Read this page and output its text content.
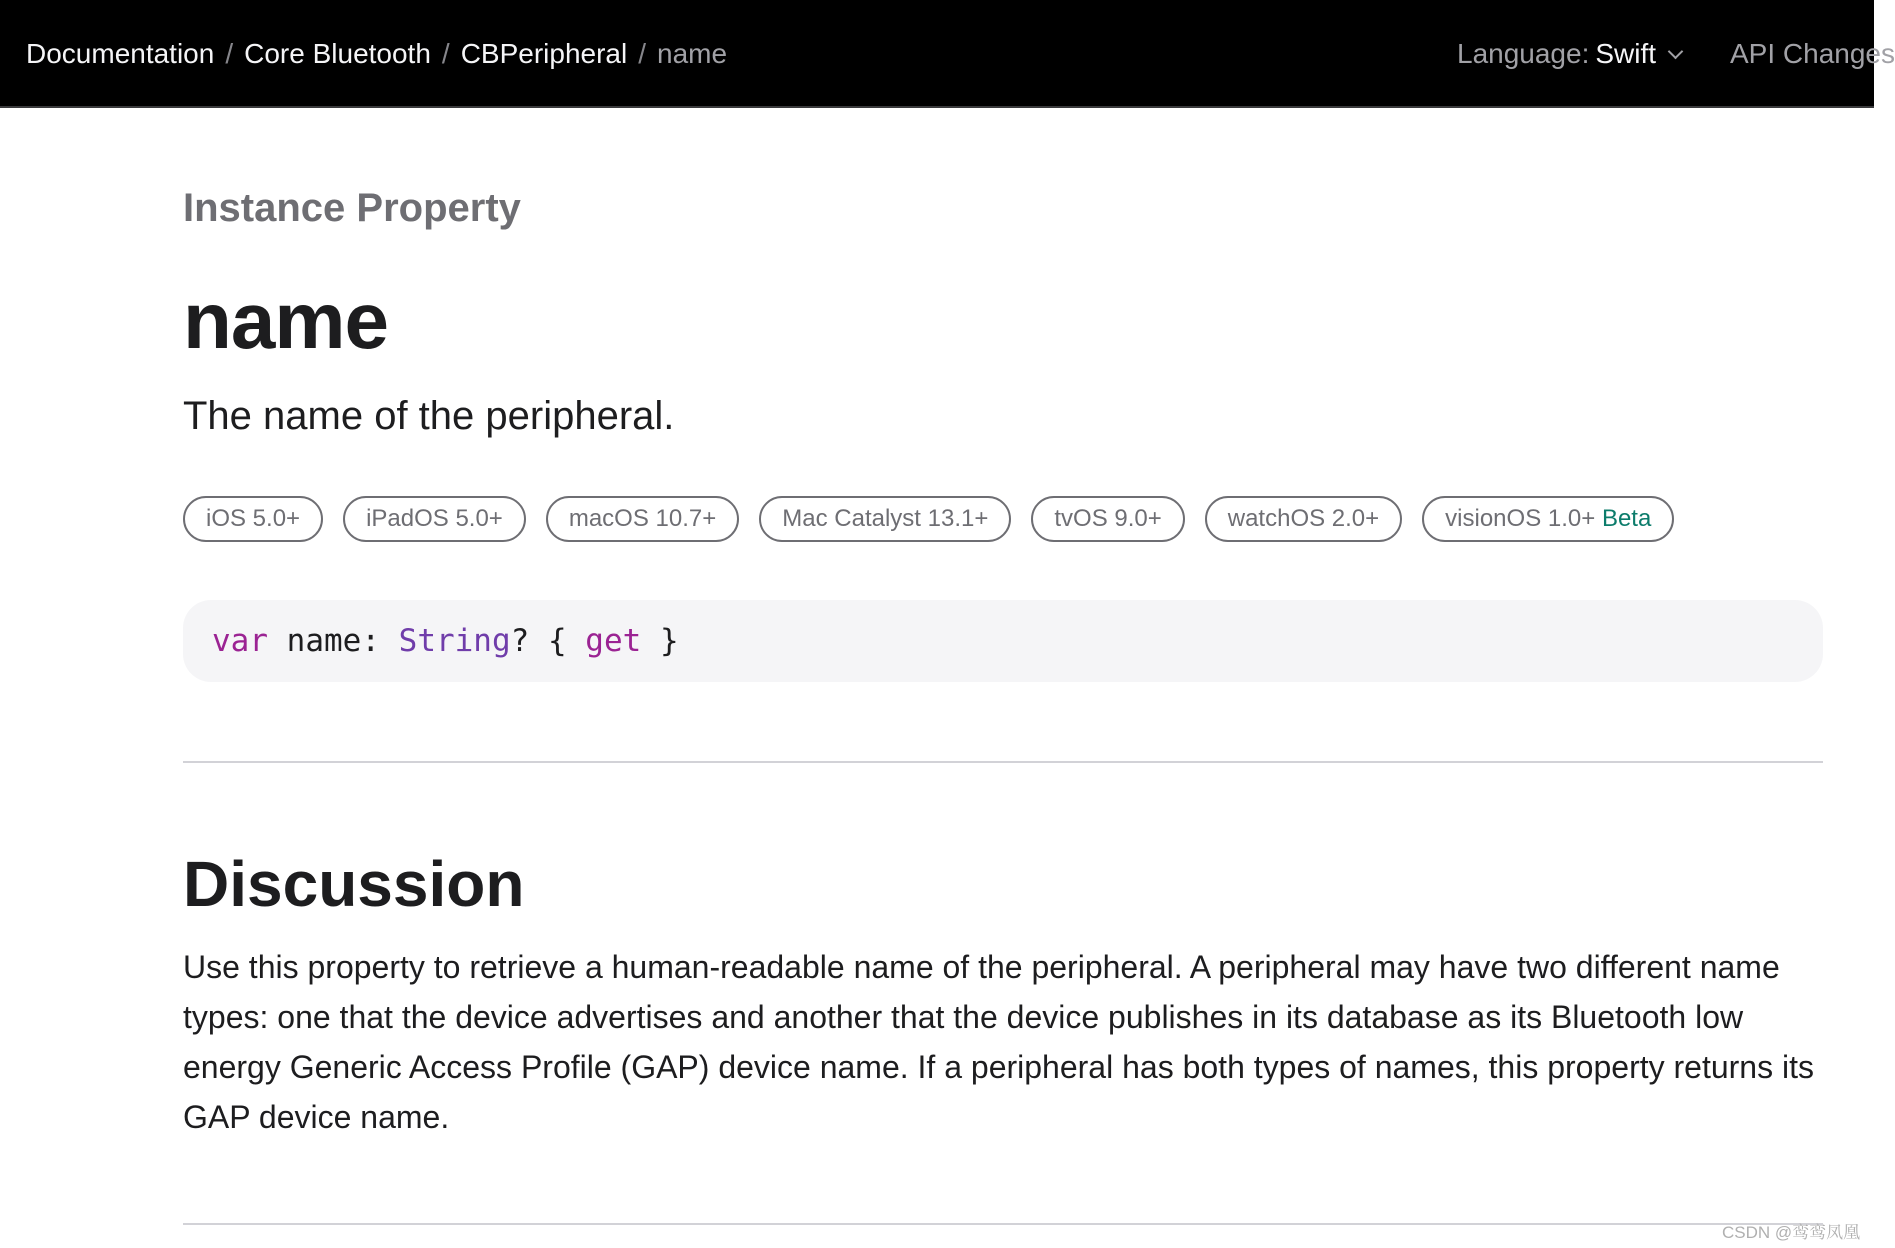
Documentation / Core Bluetooth / CBPeripheral / name	Language: Swift	API Changes
Instance Property
name
The name of the peripheral.
iOS 5.0+	iPadOS 5.0+	macOS 10.7+	Mac Catalyst 13.1+	tvOS 9.0+	watchOS 2.0+	visionOS 1.0+ Beta
var name: String? { get }
Discussion

Use this property to retrieve a human-readable name of the peripheral. A peripheral may have two different name types: one that the device advertises and another that the device publishes in its database as its Bluetooth low energy Generic Access Profile (GAP) device name. If a peripheral has both types of names, this property returns its GAP device name.

CSDN @鸾鸾凤凰
